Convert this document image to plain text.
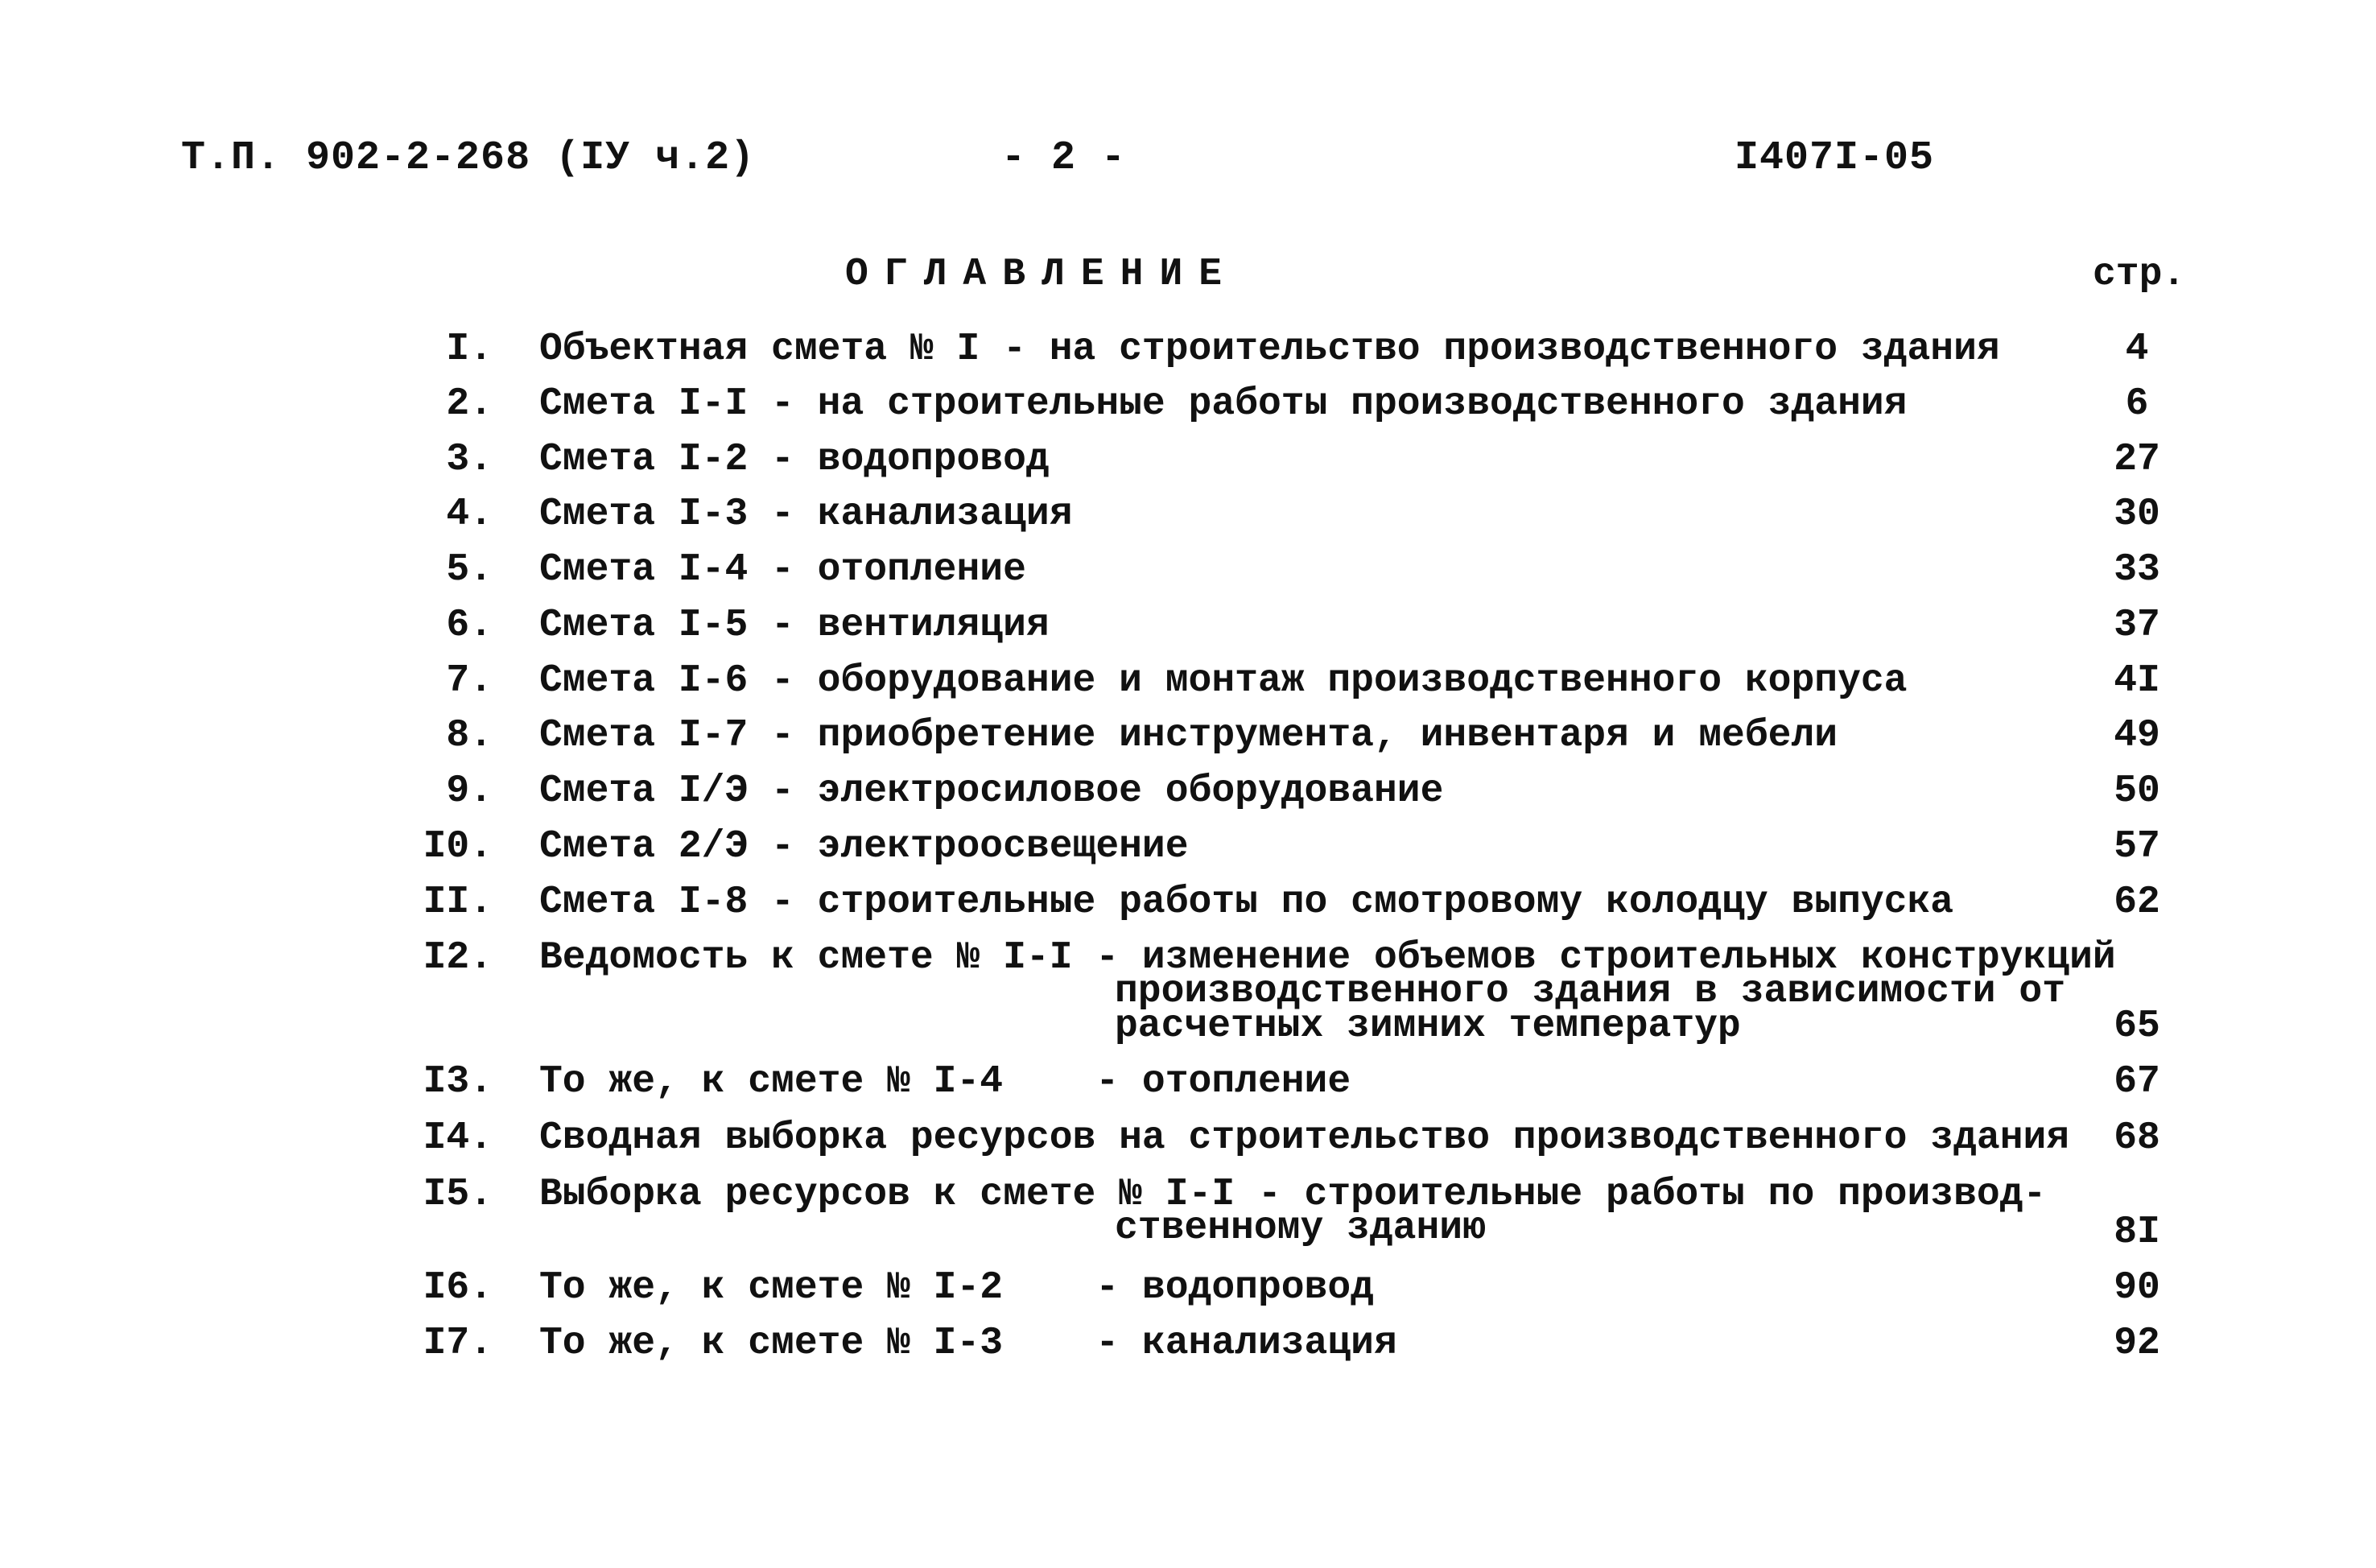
Т.П. 902-2-268 (IУ ч.2)	- 2 -	I407I-05
ОГЛАВЛЕНИЕ	стр.
I. Объектная смета № I - на строительство производственного здания	4
2. Смета I-I - на строительные работы производственного здания	6
3. Смета I-2 - водопровод	27
4. Смета I-3 - канализация	30
5. Смета I-4 - отопление	33
6. Смета I-5 - вентиляция	37
7. Смета I-6 - оборудование и монтаж производственного корпуса	4I
8. Смета I-7 - приобретение инструмента, инвентаря и мебели	49
9. Смета I/Э - электросиловое оборудование	50
I0. Смета 2/Э - электроосвещение	57
II. Смета I-8 - строительные работы по смотровому колодцу выпуска	62
I2. Ведомость к смете № I-I - изменение объемов строительных конструкций
производственного здания в зависимости от
расчетных зимних температур	65
I3. То же, к смете № I-4    - отопление	67
I4. Сводная выборка ресурсов на строительство производственного здания	68
I5. Выборка ресурсов к смете № I-I - строительные работы по производ-
ственному зданию	8I
I6. То же, к смете № I-2    - водопровод	90
I7. То же, к смете № I-3    - канализация	92
